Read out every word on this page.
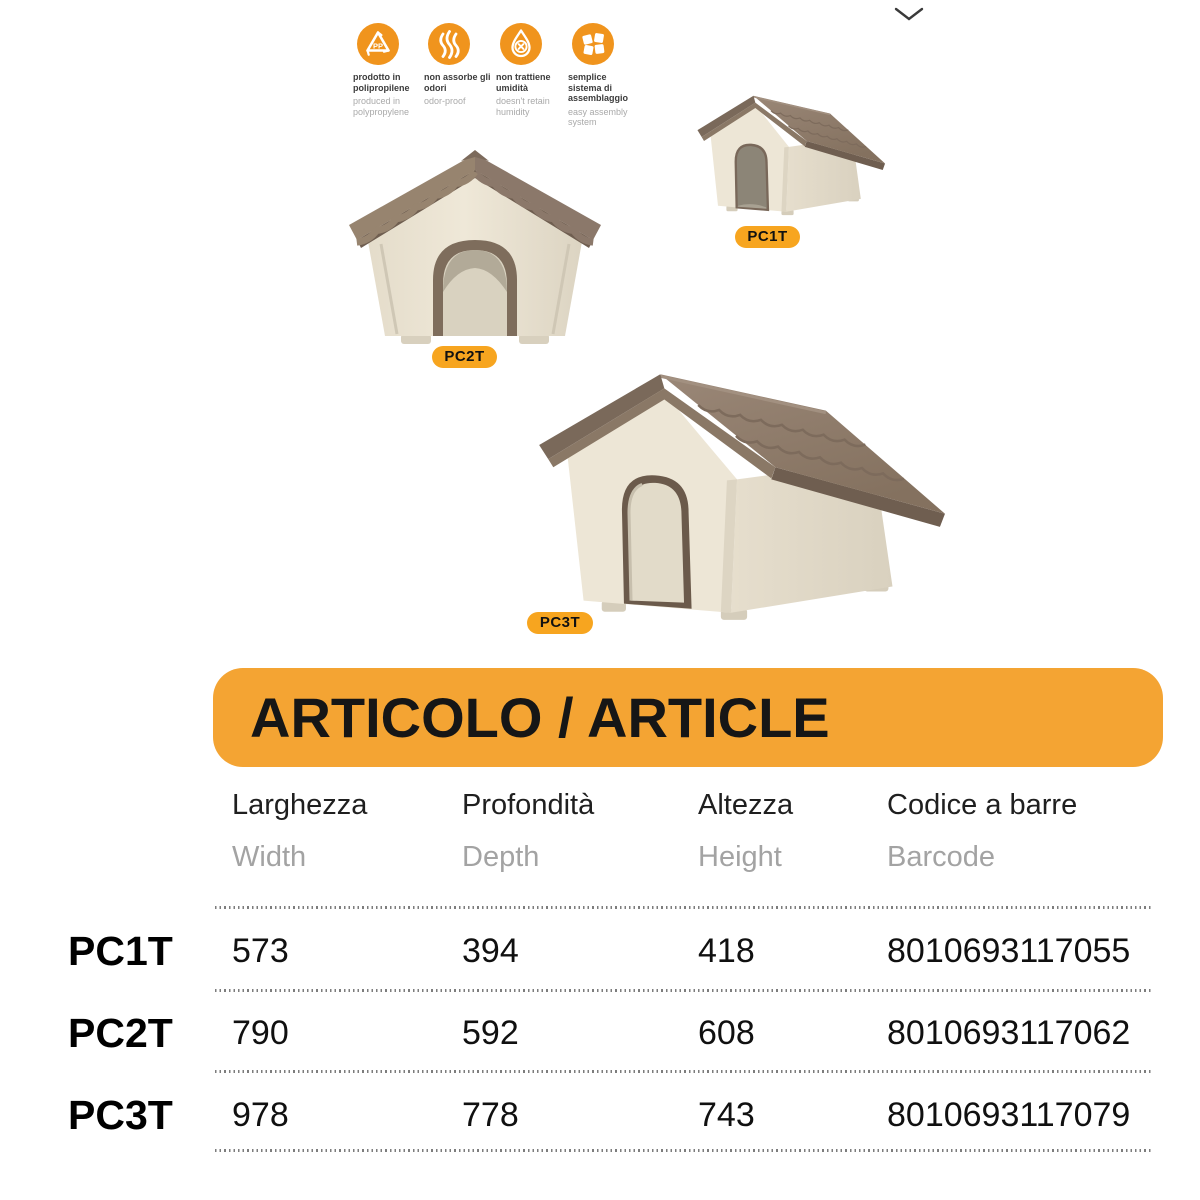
PP
prodotto in polipropilene
produced in polypropylene
non assorbe gli odori
odor-proof
non trattiene umidità
doesn't retain humidity
semplice sistema di assemblaggio
easy assembly system
PC1T
PC2T
PC3T
ARTICOLO / ARTICLE
Larghezza	Profondità	Altezza	Codice a barre
Width	Depth	Height	Barcode
PC1T 573	394	418	8010693117055
PC2T 790	592	608	8010693117062
PC3T 978	778	743	8010693117079
